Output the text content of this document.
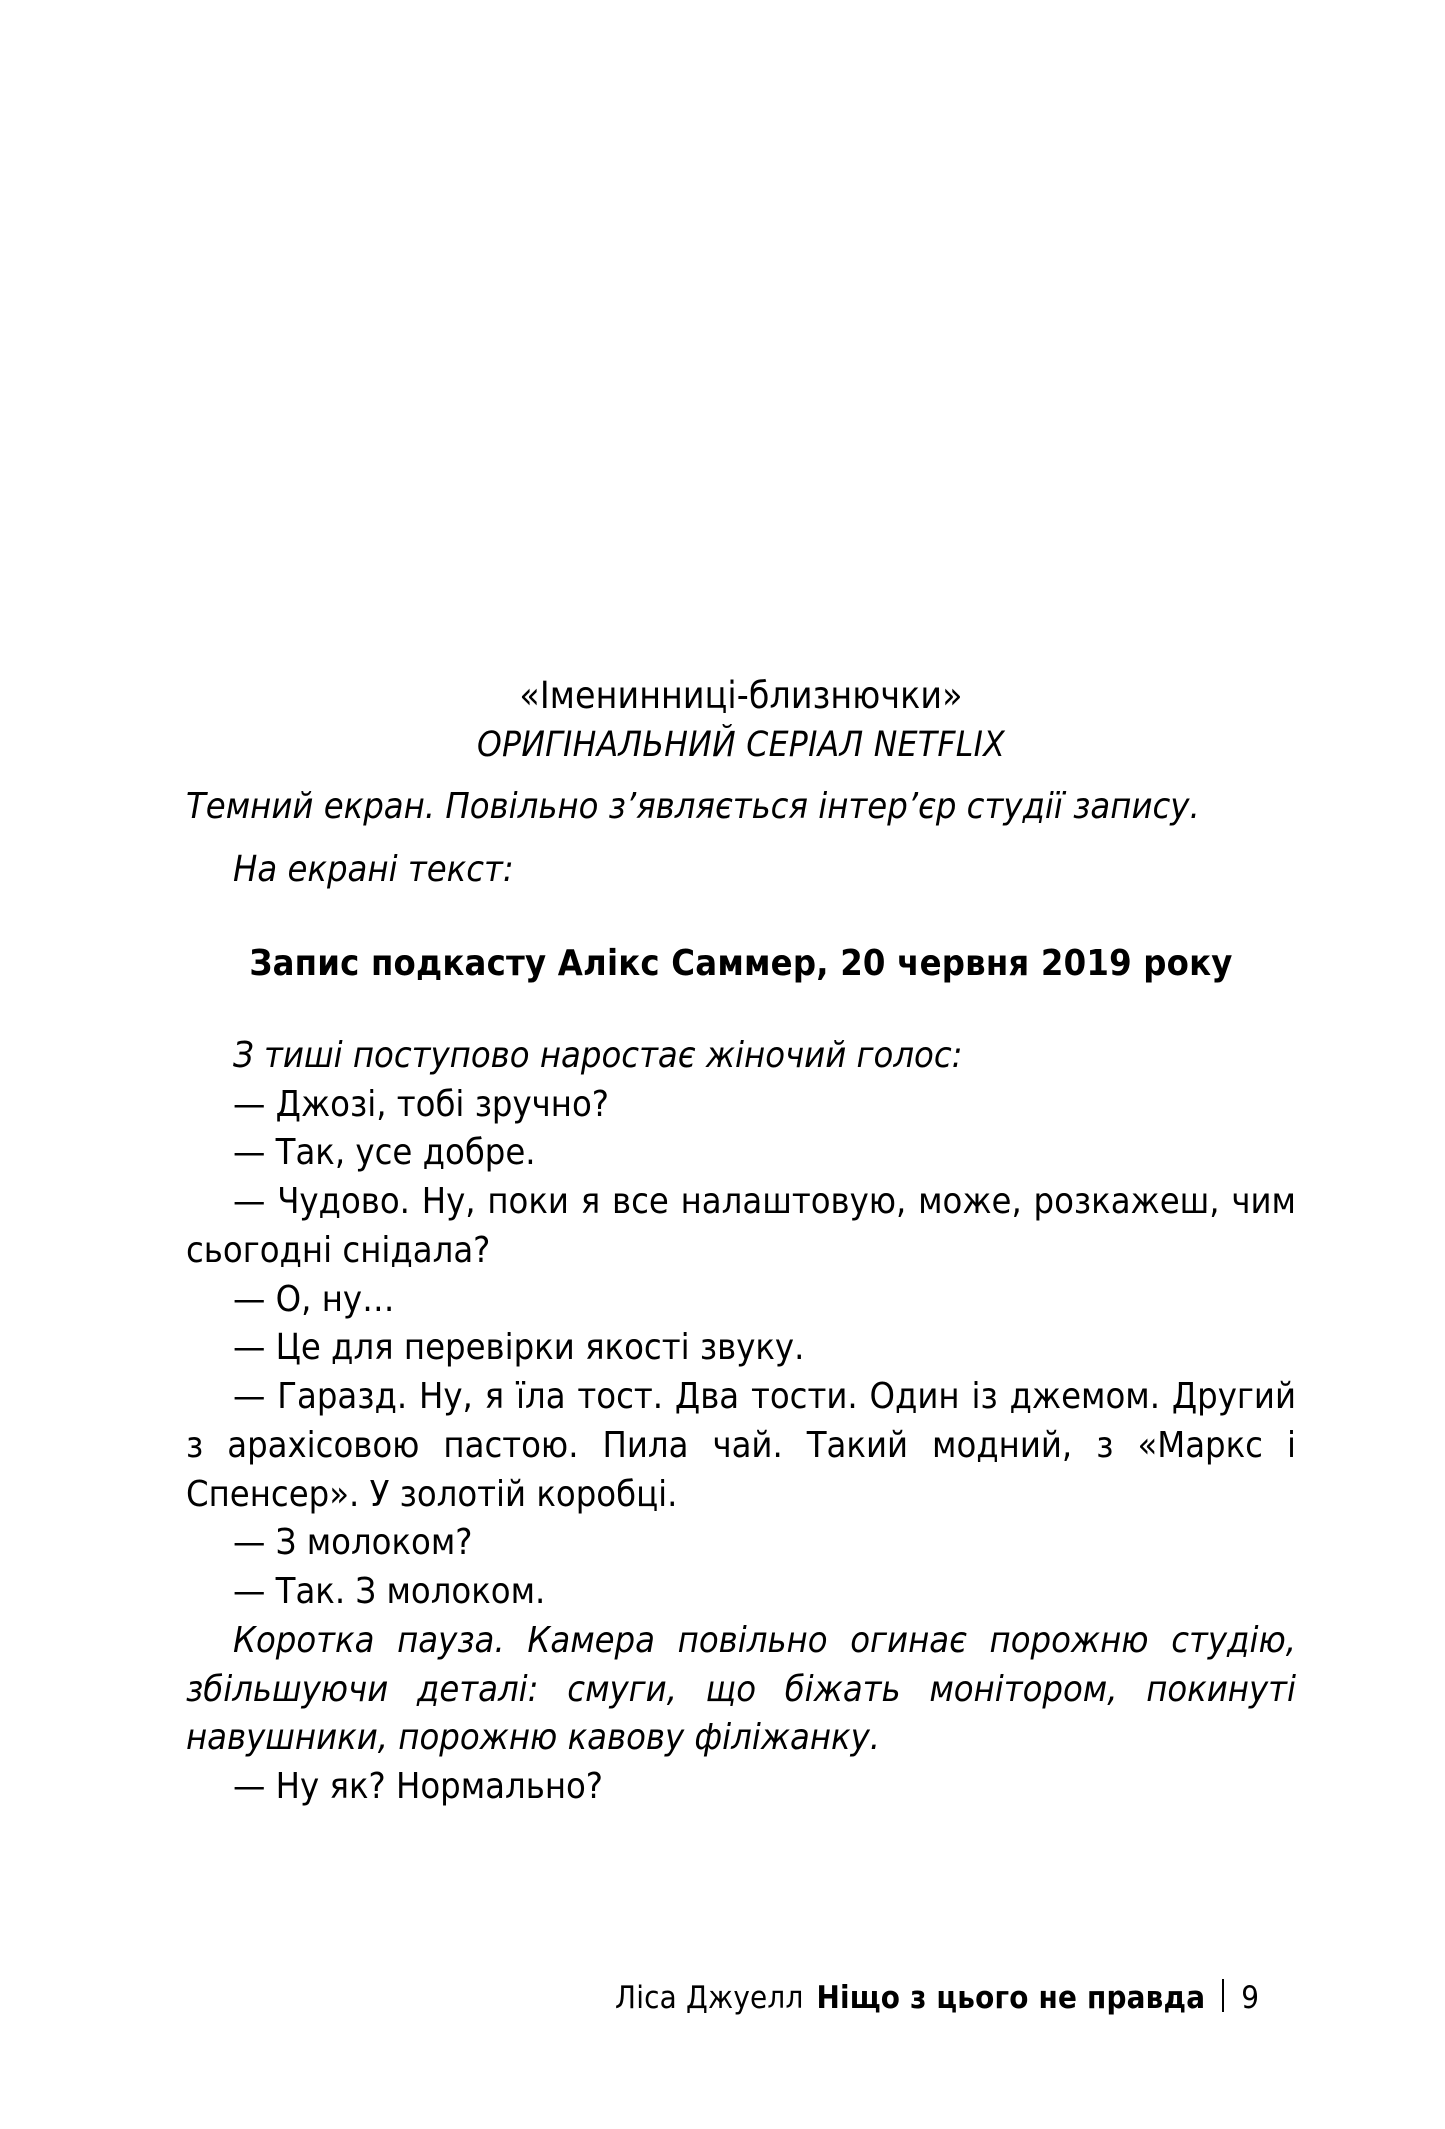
«Іменинниці-близнючки»
ОРИГІНАЛЬНИЙ СЕРІАЛ NETFLIX
Темний екран. Повільно з’являється інтер’єр студії запису.
На екрані текст:
Запис подкасту Алікс Саммер, 20 червня 2019 року
З тиші поступово наростає жіночий голос:
— Джозі, тобі зручно?
— Так, усе добре.
— Чудово. Ну, поки я все налаштовую, може, розкажеш, чим сьогодні снідала?
— О, ну…
— Це для перевірки якості звуку.
— Гаразд. Ну, я їла тост. Два тости. Один із джемом. Другий з арахісовою пастою. Пила чай. Такий модний, з «Маркс і Спенсер». У золотій коробці.
— З молоком?
— Так. З молоком.
Коротка пауза. Камера повільно огинає порожню студію, збільшуючи деталі: смуги, що біжать монітором, покинуті навушники, порожню кавову філіжанку.
— Ну як? Нормально?
Ліса Джуелл Ніщо з цього не правда 9
